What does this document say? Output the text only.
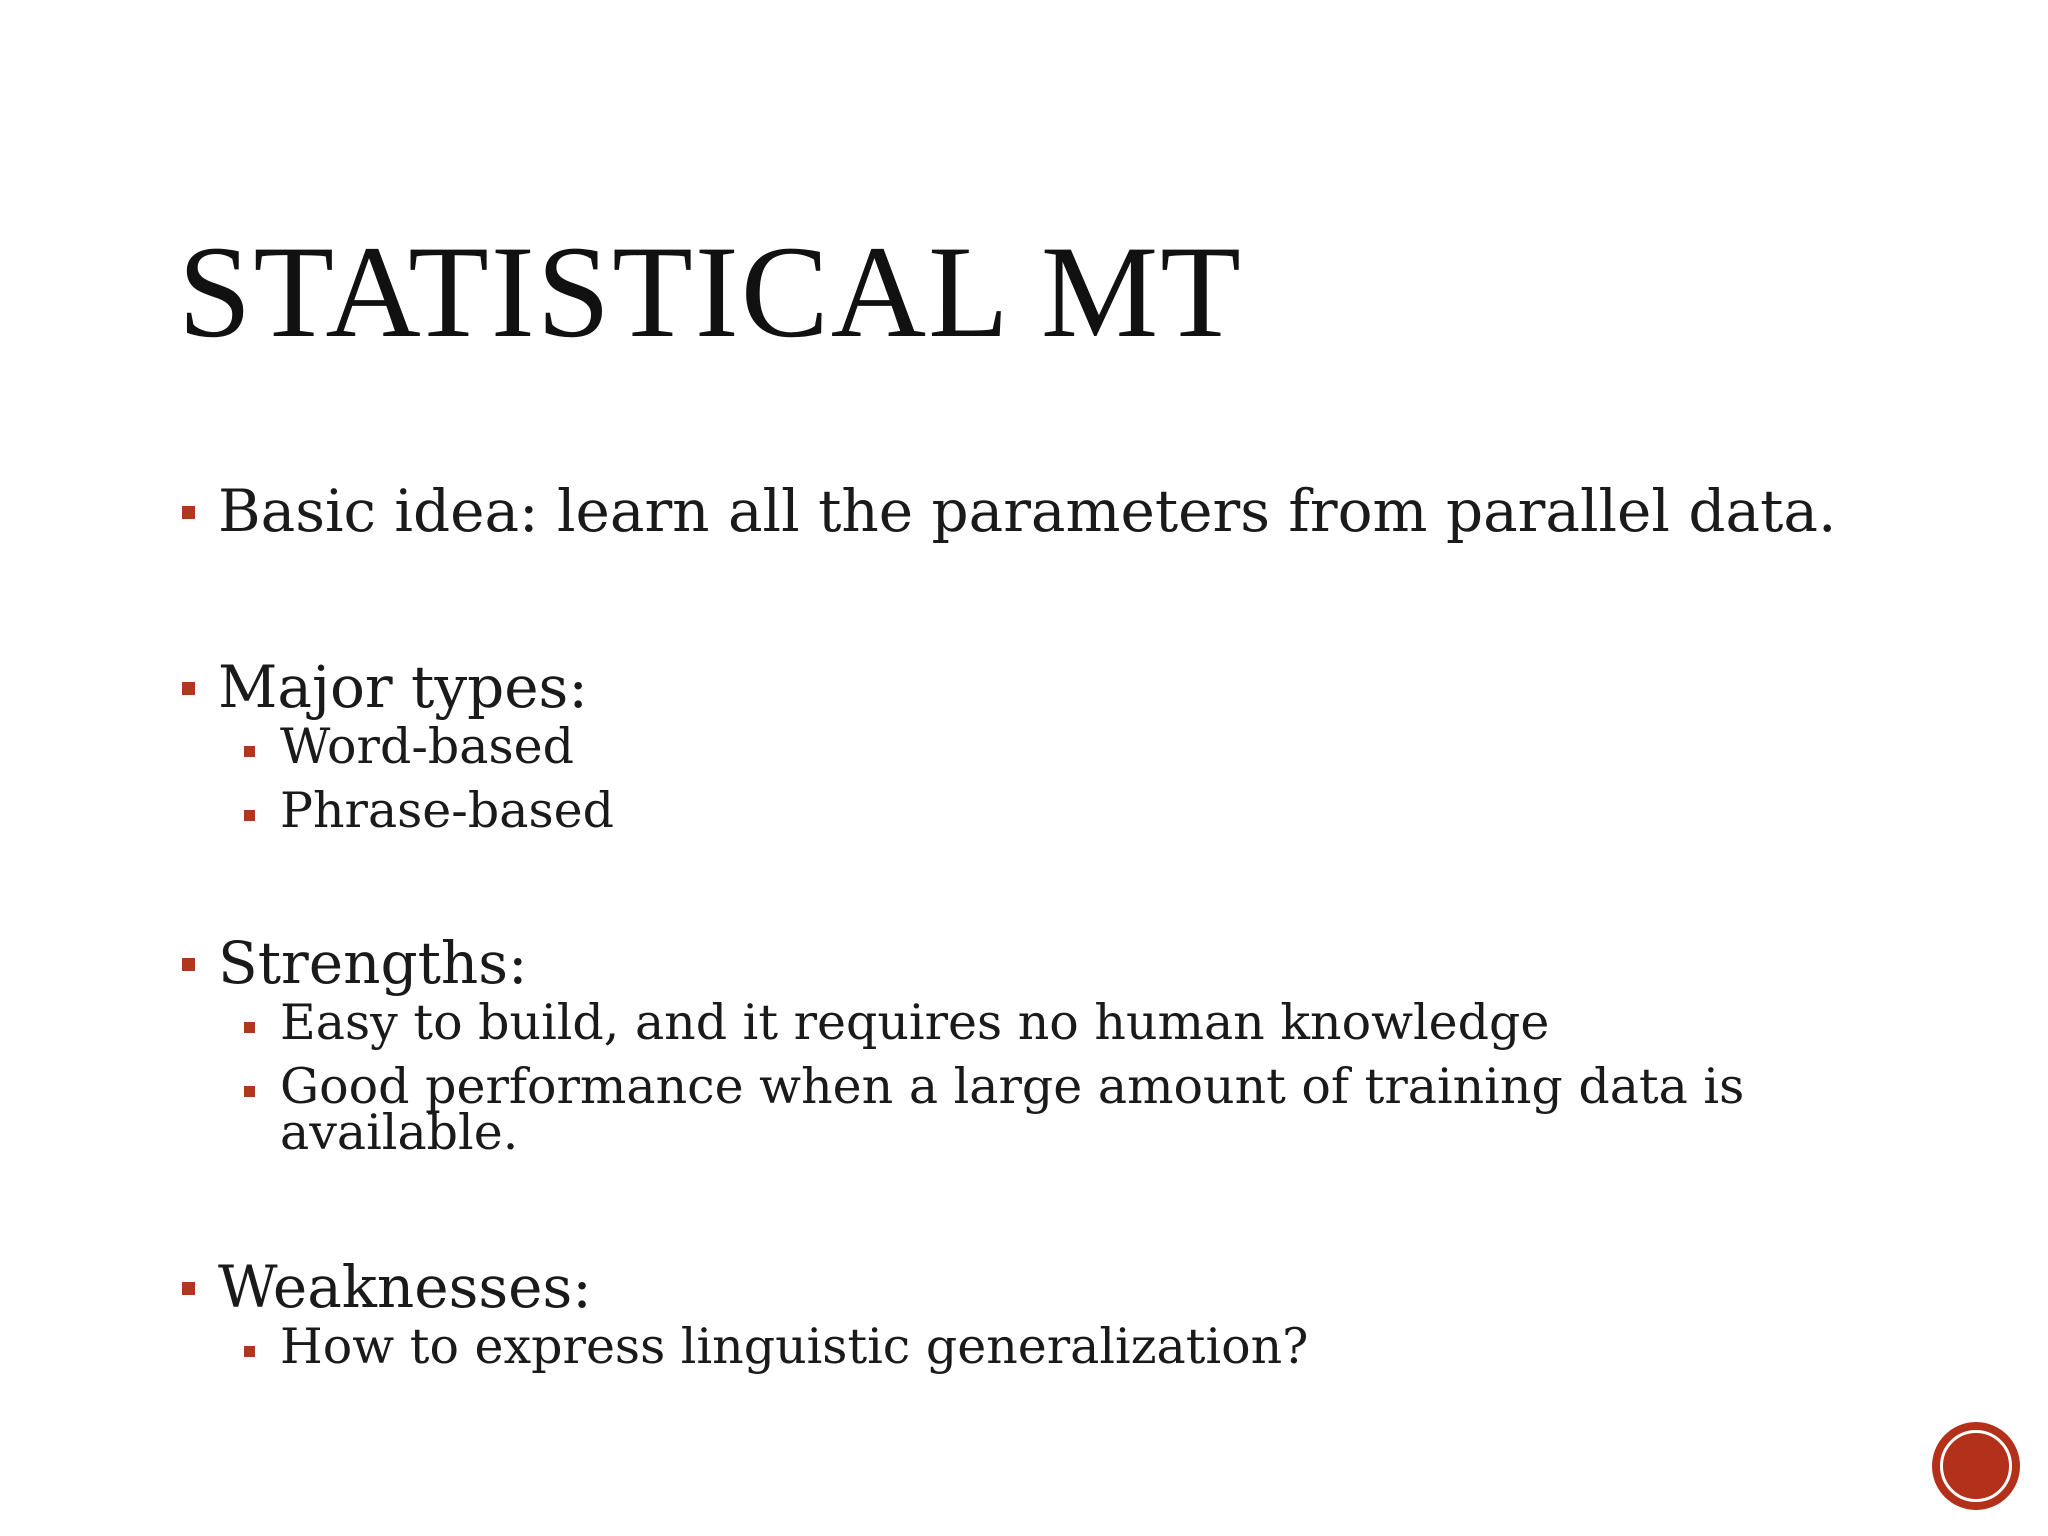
STATISTICAL MT
Basic idea: learn all the parameters from parallel data.
Major types:
Word-based
Phrase-based
Strengths:
Easy to build, and it requires no human knowledge
Good performance when a large amount of training data is available.
Weaknesses:
How to express linguistic generalization?
